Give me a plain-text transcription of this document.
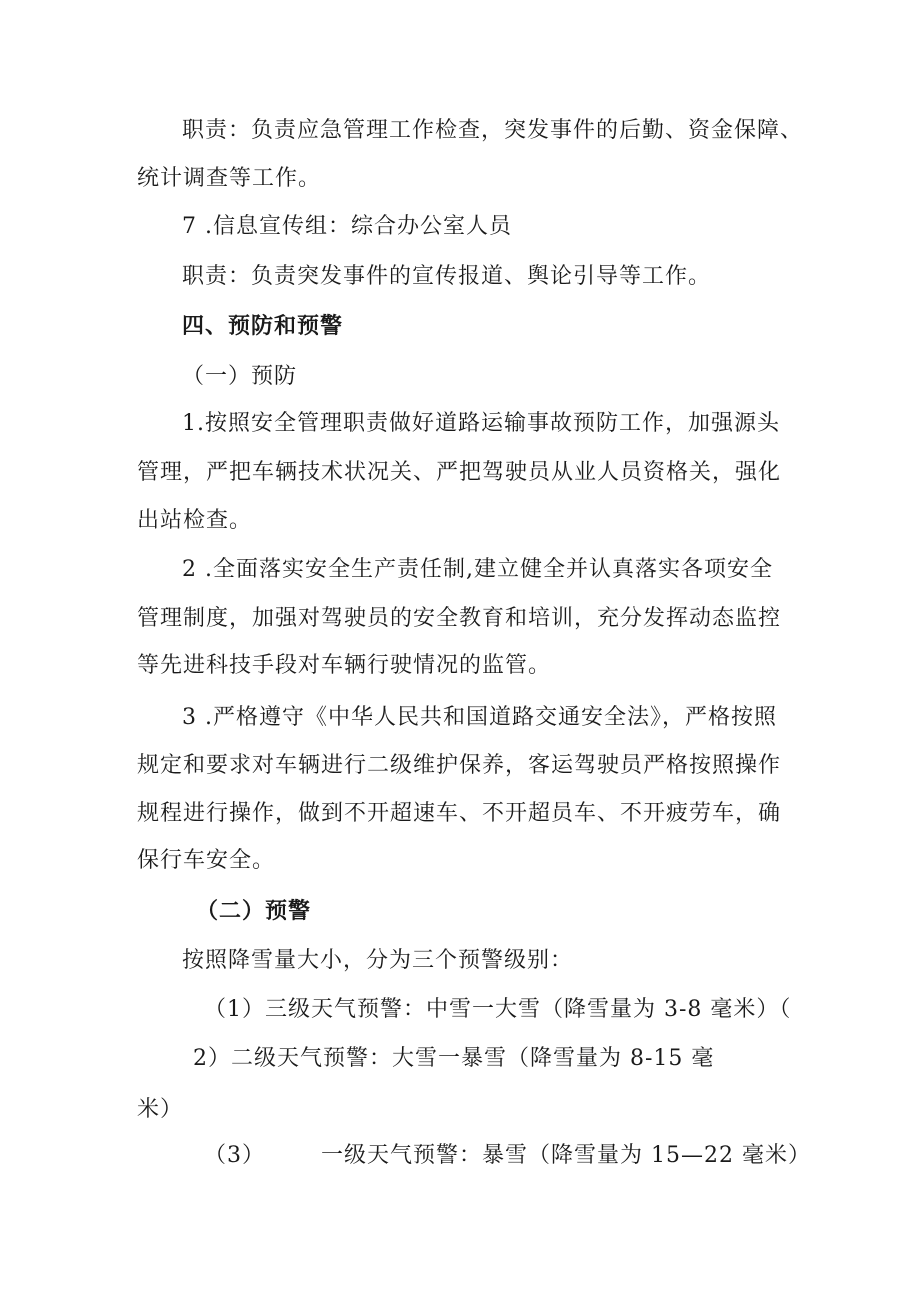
职责：负责应急管理工作检查，突发事件的后勤、资金保障、
统计调查等工作。
7 .信息宣传组：综合办公室人员
职责：负责突发事件的宣传报道、舆论引导等工作。
四、预防和预警
（一）预防
1.按照安全管理职责做好道路运输事故预防工作，加强源头
管理，严把车辆技术状况关、严把驾驶员从业人员资格关，强化
出站检查。
2 .全面落实安全生产责任制,建立健全并认真落实各项安全
管理制度，加强对驾驶员的安全教育和培训，充分发挥动态监控
等先进科技手段对车辆行驶情况的监管。
3 .严格遵守《中华人民共和国道路交通安全法》，严格按照
规定和要求对车辆进行二级维护保养，客运驾驶员严格按照操作
规程进行操作，做到不开超速车、不开超员车、不开疲劳车，确
保行车安全。
（二）预警
按照降雪量大小，分为三个预警级别：
（1）三级天气预警：中雪一大雪（降雪量为 3-8 毫米）（
2）二级天气预警：大雪一暴雪（降雪量为 8-15 毫
米）
（3）	一级天气预警：暴雪（降雪量为 15—22 毫米）
